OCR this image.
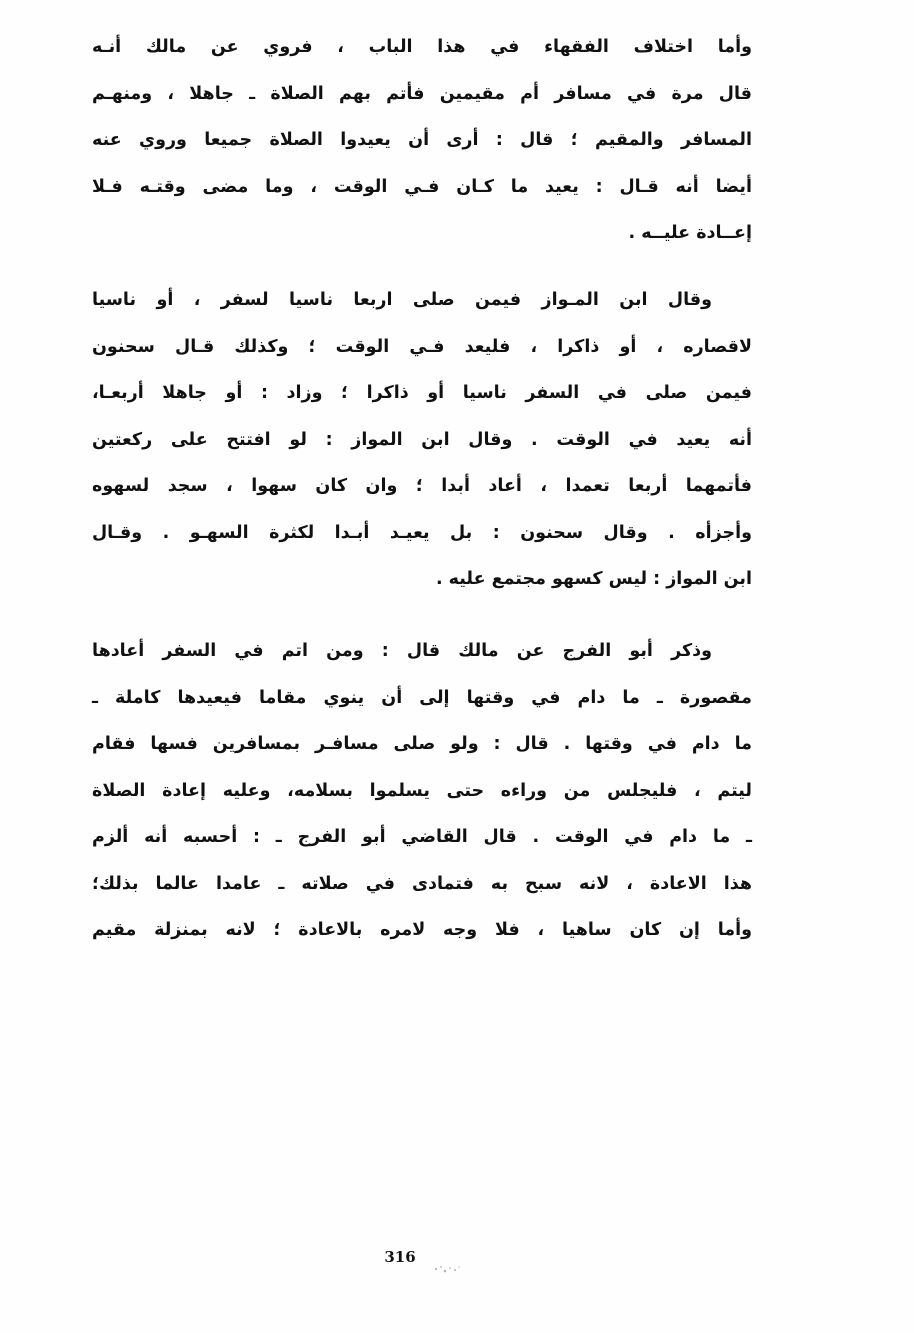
وأما اختلاف الفقهاء في هذا الباب ، فروي عن مالك أنـه
قال مرة في مسافر أم مقيمين فأتم بهم الصلاة ـ جاهلا ، ومنهـم
المسافر والمقيم ؛ قال : أرى أن يعيدوا الصلاة جميعا وروي عنه
أيضا أنه قـال : يعيد ما كـان فـي الوقت ، وما مضى وقتـه فـلا
إعــادة عليــه .
وقال ابن المـواز فيمن صلى اربعا ناسيا لسفر ، أو ناسيا
لاقصاره ، أو ذاكرا ، فليعد فـي الوقت ؛ وكذلك قـال سحنون
فيمن صلى في السفر ناسيا أو ذاكرا ؛ وزاد : أو جاهلا أربعـا،
أنه يعيد في الوقت . وقال ابن المواز : لو افتتح على ركعتين
فأتمهما أربعا تعمدا ، أعاد أبدا ؛ وان كان سهوا ، سجد لسهوه
وأجزأه . وقال سحنون : بل يعيـد أبـدا لكثرة السهـو . وقـال
ابن المواز : ليس كسهو مجتمع عليه .
وذكر أبو الفرج عن مالك قال : ومن اتم في السفر أعادها
مقصورة ـ ما دام في وقتها إلى أن ينوي مقاما فيعيدها كاملة ـ
ما دام في وقتها . قال : ولو صلى مسافـر بمسافرين فسها فقام
ليتم ، فليجلس من وراءه حتى يسلموا بسلامه، وعليه إعادة الصلاة
ـ ما دام في الوقت . قال القاضي أبو الفرج ـ : أحسبه أنه ألزم
هذا الاعادة ، لانه سبح به فتمادى في صلاته ـ عامدا عالما بذلك؛
وأما إن كان ساهيا ، فلا وجه لامره بالاعادة ؛ لانه بمنزلة مقيم
316
